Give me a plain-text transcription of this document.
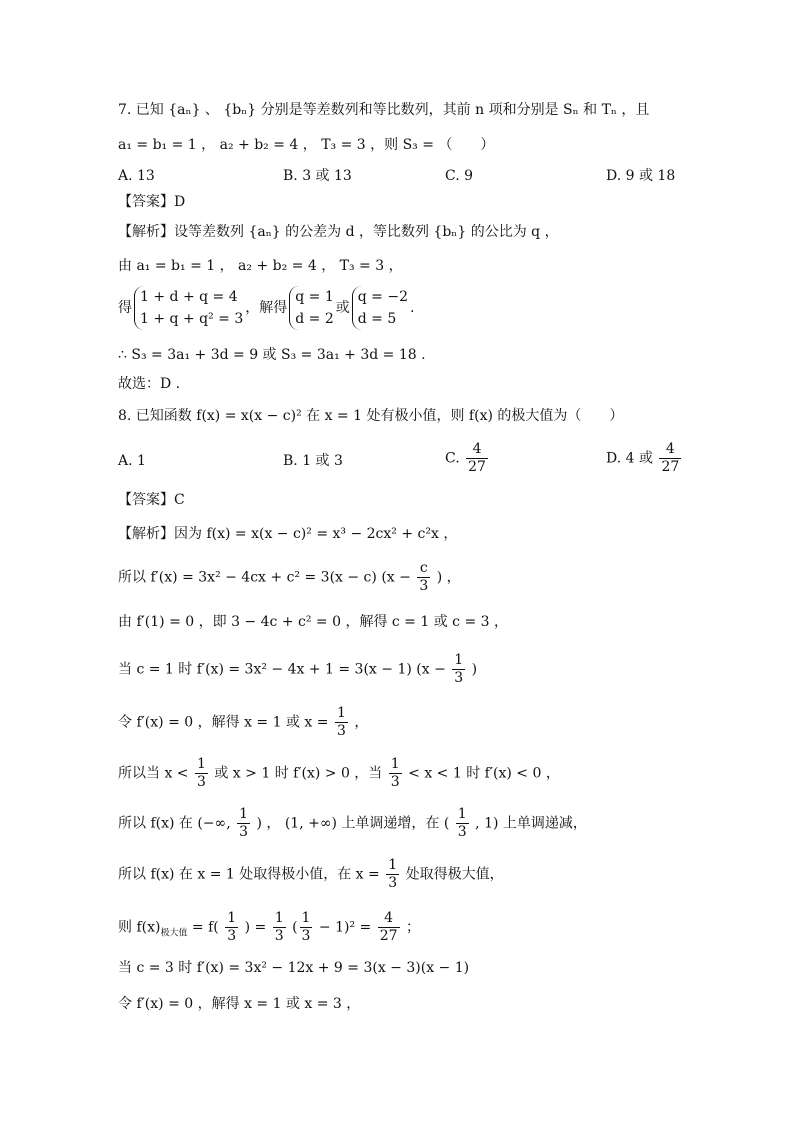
7. 已知 {aₙ} 、 {bₙ} 分别是等差数列和等比数列，其前 n 项和分别是 Sₙ 和 Tₙ ，且
a₁ = b₁ = 1 ， a₂ + b₂ = 4 ， T₃ = 3 ，则 S₃ = （　　）
A. 13	B. 3 或 13	C. 9	D. 9 或 18
【答案】D
【解析】设等差数列 {aₙ} 的公差为 d ，等比数列 {bₙ} 的公比为 q ，
由 a₁ = b₁ = 1 ， a₂ + b₂ = 4 ， T₃ = 3 ，
得
1 + d + q = 4
1 + q + q² = 3
，解得
q = 1
d = 2
或
q = −2
d = 5
.
∴ S₃ = 3a₁ + 3d = 9 或 S₃ = 3a₁ + 3d = 18 .
故选：D .
8. 已知函数 f(x) = x(x − c)² 在 x = 1 处有极小值，则 f(x) 的极大值为（　　）
A. 1	B. 1 或 3	C. $\frac{4}{27}$	D. 4 或 $\frac{4}{27}$
【答案】C
【解析】因为 f(x) = x(x − c)² = x³ − 2cx² + c²x ，
所以 f′(x) = 3x² − 4cx + c² = 3(x − c) ($x - \frac{c}{3}$ ) ，
由 f′(1) = 0 ，即 3 − 4c + c² = 0 ，解得 c = 1 或 c = 3 ，
当 c = 1 时 f′(x) = 3x² − 4x + 1 = 3(x − 1) ($x - \frac{1}{3}$ )
令 f′(x) = 0 ，解得 x = 1 或 $x = \frac{1}{3}$ ，
所以当 $x < \frac{1}{3}$ 或 x > 1 时 f′(x) > 0 ，当 $\frac{1}{3} < x < 1$ 时 f′(x) < 0 ，
所以 f(x) 在 (−∞, $\frac{1}{3}$ ) ， (1, +∞) 上单调递增，在 ( $\frac{1}{3}$ , 1) 上单调递减，
所以 f(x) 在 x = 1 处取得极小值，在 $x = \frac{1}{3}$ 处取得极大值，
则 $f(x)_{极大值} = f( \frac{1}{3}$ ) = $\frac{1}{3}$ ( $\frac{1}{3} - 1)^2 = \frac{4}{27}$ ；
当 c = 3 时 f′(x) = 3x² − 12x + 9 = 3(x − 3)(x − 1)
令 f′(x) = 0 ，解得 x = 1 或 x = 3 ，
